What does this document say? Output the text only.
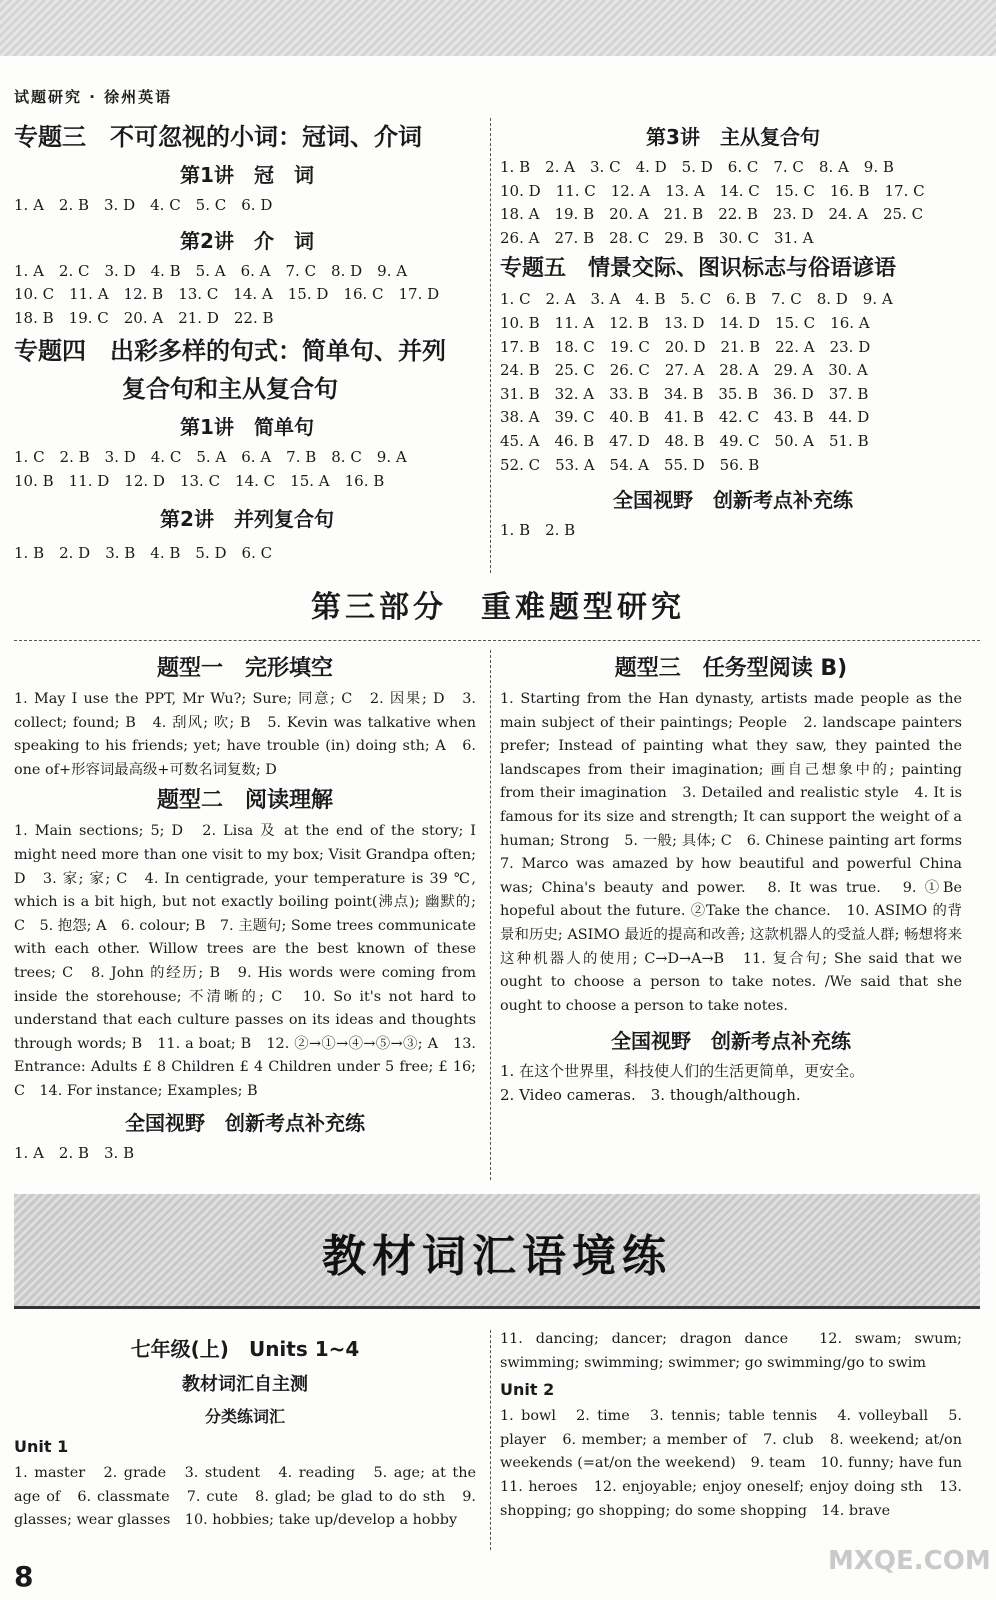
试题研究 · 徐州英语
专题三　不可忽视的小词：冠词、介词
第1讲　冠　词
1. A　2. B　3. D　4. C　5. C　6. D
第2讲　介　词
1. A　2. C　3. D　4. B　5. A　6. A　7. C　8. D　9. A
10. C　11. A　12. B　13. C　14. A　15. D　16. C　17. D
18. B　19. C　20. A　21. D　22. B
专题四　出彩多样的句式：简单句、并列
复合句和主从复合句
第1讲　简单句
1. C　2. B　3. D　4. C　5. A　6. A　7. B　8. C　9. A
10. B　11. D　12. D　13. C　14. C　15. A　16. B
第2讲　并列复合句
1. B　2. D　3. B　4. B　5. D　6. C
第3讲　主从复合句
1. B　2. A　3. C　4. D　5. D　6. C　7. C　8. A　9. B
10. D　11. C　12. A　13. A　14. C　15. C　16. B　17. C
18. A　19. B　20. A　21. B　22. B　23. D　24. A　25. C
26. A　27. B　28. C　29. B　30. C　31. A
专题五　情景交际、图识标志与俗语谚语
1. C　2. A　3. A　4. B　5. C　6. B　7. C　8. D　9. A
10. B　11. A　12. B　13. D　14. D　15. C　16. A
17. B　18. C　19. C　20. D　21. B　22. A　23. D
24. B　25. C　26. C　27. A　28. A　29. A　30. A
31. B　32. A　33. B　34. B　35. B　36. D　37. B
38. A　39. C　40. B　41. B　42. C　43. B　44. D
45. A　46. B　47. D　48. B　49. C　50. A　51. B
52. C　53. A　54. A　55. D　56. B
全国视野　创新考点补充练
1. B　2. B
第三部分　重难题型研究
题型一　完形填空

1. May I use the PPT, Mr Wu?; Sure; 同意; C　2. 因果; D　3. collect; found; B　4. 刮风; 吹; B　5. Kevin was talkative when speaking to his friends; yet; have trouble (in) doing sth; A　6. one of+形容词最高级+可数名词复数; D

题型二　阅读理解

1. Main sections; 5; D　2. Lisa 及 at the end of the story; I might need more than one visit to my box; Visit Grandpa often; D　3. 家; 家; C　4. In centigrade, your temperature is 39 ℃, which is a bit high, but not exactly boiling point(沸点); 幽默的; C　5. 抱怨; A　6. colour; B　7. 主题句; Some trees communicate with each other. Willow trees are the best known of these trees; C　8. John 的经历; B　9. His words were coming from inside the storehouse; 不清晰的; C　10. So it's not hard to understand that each culture passes on its ideas and thoughts through words; B　11. a boat; B　12. ②→①→④→⑤→③; A　13. Entrance: Adults £ 8 Children £ 4 Children under 5 free; £ 16; C　14. For instance; Examples; B

全国视野　创新考点补充练
1. A　2. B　3. B
题型三　任务型阅读 B)

1. Starting from the Han dynasty, artists made people as the main subject of their paintings; People　2. landscape painters prefer; Instead of painting what they saw, they painted the landscapes from their imagination; 画自己想象中的; painting from their imagination　3. Detailed and realistic style　4. It is famous for its size and strength; It can support the weight of a human; Strong　5. 一般; 具体; C　6. Chinese painting art forms　7. Marco was amazed by how beautiful and powerful China was; China's beauty and power.　8. It was true.　9. ①Be hopeful about the future. ②Take the chance.　10. ASIMO 的背景和历史; ASIMO 最近的提高和改善; 这款机器人的受益人群; 畅想将来这种机器人的使用; C→D→A→B　11. 复合句; She said that we ought to choose a person to take notes. /We said that she ought to choose a person to take notes.

全国视野　创新考点补充练
1. 在这个世界里，科技使人们的生活更简单，更安全。
2. Video cameras.　3. though/although.
教材词汇语境练
七年级(上)　Units 1~4
教材词汇自主测
分类练词汇
Unit 1

1. master　2. grade　3. student　4. reading　5. age; at the age of　6. classmate　7. cute　8. glad; be glad to do sth　9. glasses; wear glasses　10. hobbies; take up/develop a hobby

11. dancing; dancer; dragon dance　12. swam; swum; swimming; swimming; swimmer; go swimming/go to swim

Unit 2

1. bowl　2. time　3. tennis; table tennis　4. volleyball　5. player　6. member; a member of　7. club　8. weekend; at/on weekends (=at/on the weekend)　9. team　10. funny; have fun　11. heroes　12. enjoyable; enjoy oneself; enjoy doing sth　13. shopping; go shopping; do some shopping　14. brave

8	MXQE.COM
